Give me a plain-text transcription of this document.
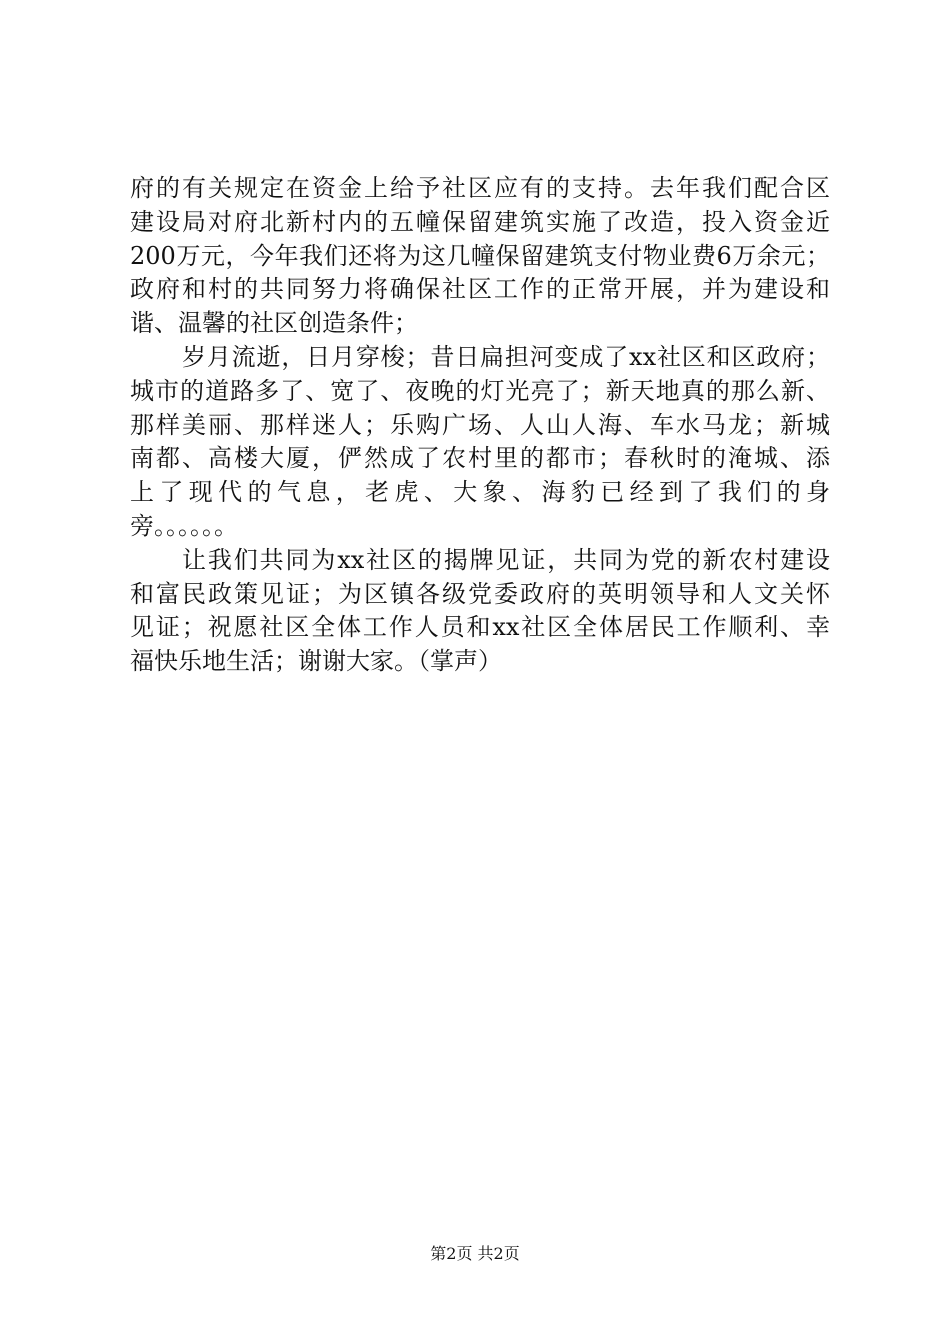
府的有关规定在资金上给予社区应有的支持。去年我们配合区
建设局对府北新村内的五幢保留建筑实施了改造，投入资金近
200万元，今年我们还将为这几幢保留建筑支付物业费6万余元；
政府和村的共同努力将确保社区工作的正常开展，并为建设和
谐、温馨的社区创造条件；
岁月流逝，日月穿梭；昔日扁担河变成了xx社区和区政府；
城市的道路多了、宽了、夜晚的灯光亮了；新天地真的那么新、
那样美丽、那样迷人；乐购广场、人山人海、车水马龙；新城
南都、高楼大厦，俨然成了农村里的都市；春秋时的淹城、添
上了现代的气息，老虎、大象、海豹已经到了我们的身
旁。。。。。。
让我们共同为xx社区的揭牌见证，共同为党的新农村建设
和富民政策见证；为区镇各级党委政府的英明领导和人文关怀
见证；祝愿社区全体工作人员和xx社区全体居民工作顺利、幸
福快乐地生活；谢谢大家。（掌声）
第2页 共2页
